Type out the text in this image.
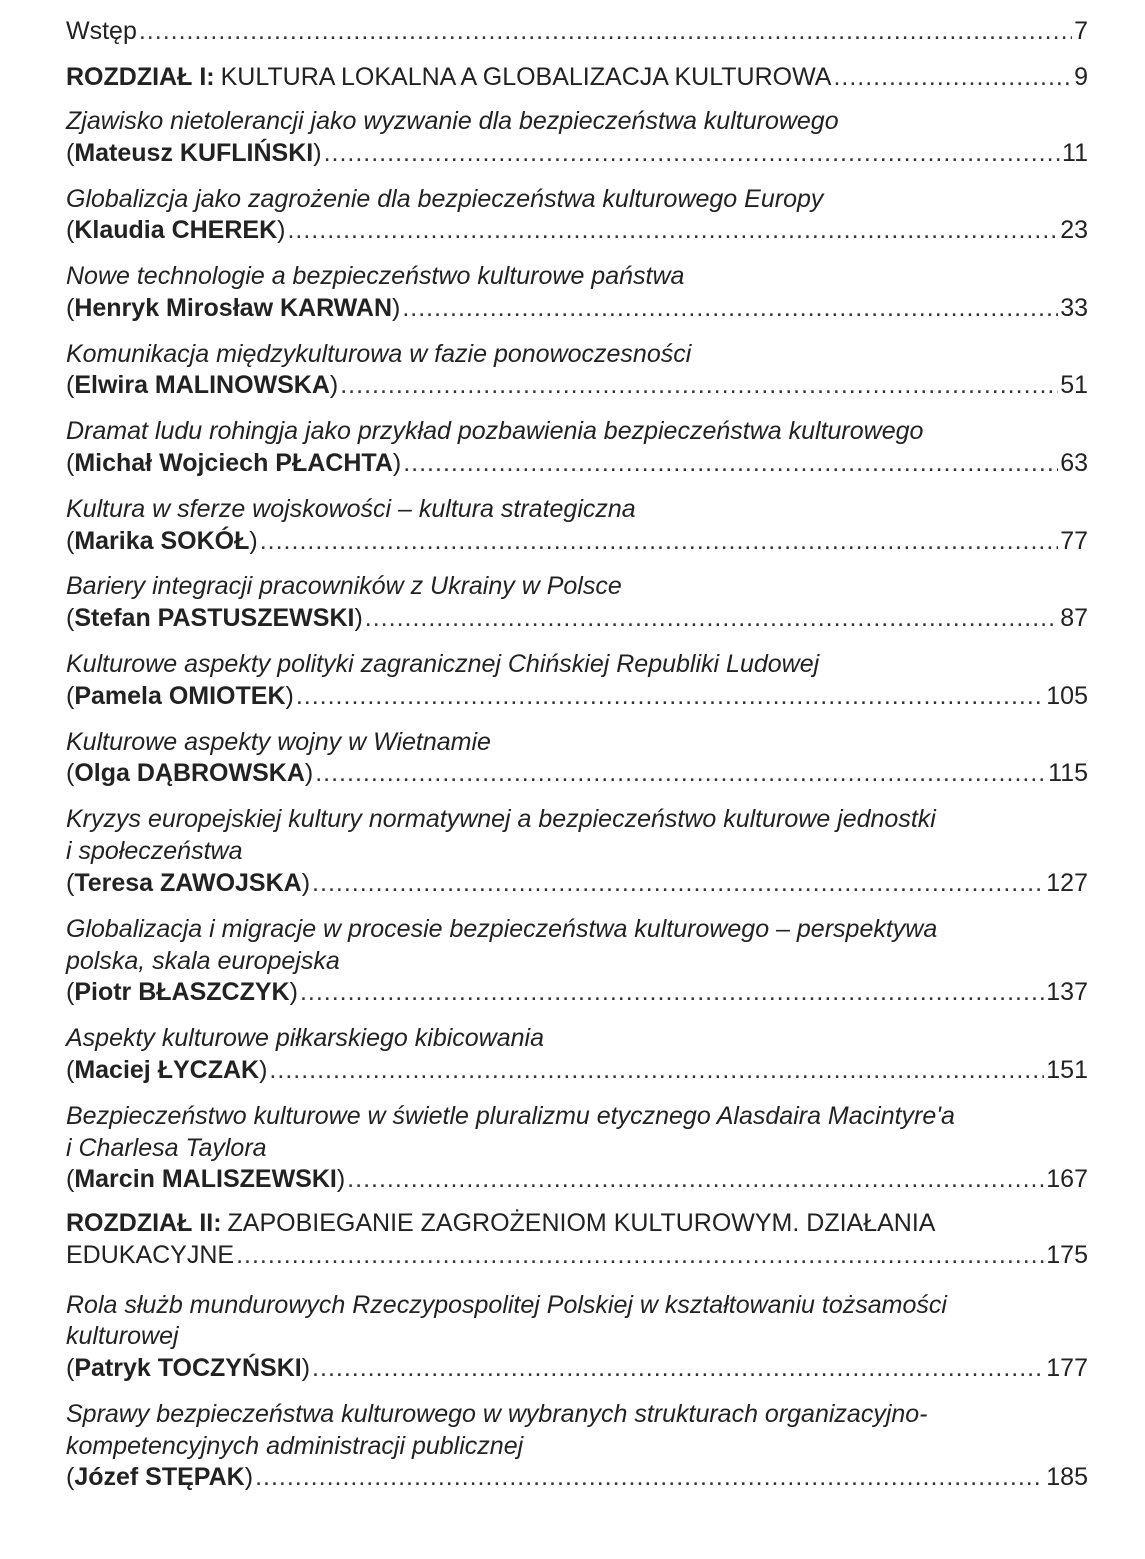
Wstęp .....	7
ROZDZIAŁ I: KULTURA LOKALNA A GLOBALIZACJA KULTUROWA .....	9
Zjawisko nietolerancji jako wyzwanie dla bezpieczeństwa kulturowego
(Mateusz KUFLIŃSKI) .....	11
Globalizcja jako zagrożenie dla bezpieczeństwa kulturowego Europy
(Klaudia CHEREK) .....	23
Nowe technologie a bezpieczeństwo kulturowe państwa
(Henryk Mirosław KARWAN) .....	33
Komunikacja międzykulturowa w fazie ponowoczesności
(Elwira MALINOWSKA) .....	51
Dramat ludu rohingja jako przykład pozbawienia bezpieczeństwa kulturowego
(Michał Wojciech PŁACHTA) .....	63
Kultura w sferze wojskowości – kultura strategiczna
(Marika SOKÓŁ) .....	77
Bariery integracji pracowników z Ukrainy w Polsce
(Stefan PASTUSZEWSKI) .....	87
Kulturowe aspekty polityki zagranicznej Chińskiej Republiki Ludowej
(Pamela OMIOTEK) .....	105
Kulturowe aspekty wojny w Wietnamie
(Olga DĄBROWSKA) .....	115
Kryzys europejskiej kultury normatywnej a bezpieczeństwo kulturowe jednostki
i społeczeństwa
(Teresa ZAWOJSKA) .....	127
Globalizacja i migracje w procesie bezpieczeństwa kulturowego – perspektywa
polska, skala europejska
(Piotr BŁASZCZYK) .....	137
Aspekty kulturowe piłkarskiego kibicowania
(Maciej ŁYCZAK) .....	151
Bezpieczeństwo kulturowe w świetle pluralizmu etycznego Alasdaira Macintyre'a
i Charlesa Taylora
(Marcin MALISZEWSKI) .....	167
ROZDZIAŁ II: ZAPOBIEGANIE ZAGROŻENIOM KULTUROWYM. DZIAŁANIA
EDUKACYJNE .....	175
Rola służb mundurowych Rzeczypospolitej Polskiej w kształtowaniu tożsamości
kulturowej
(Patryk TOCZYŃSKI) .....	177
Sprawy bezpieczeństwa kulturowego w wybranych strukturach organizacyjno-
kompetencyjnych administracji publicznej
(Józef STĘPAK) .....	185
